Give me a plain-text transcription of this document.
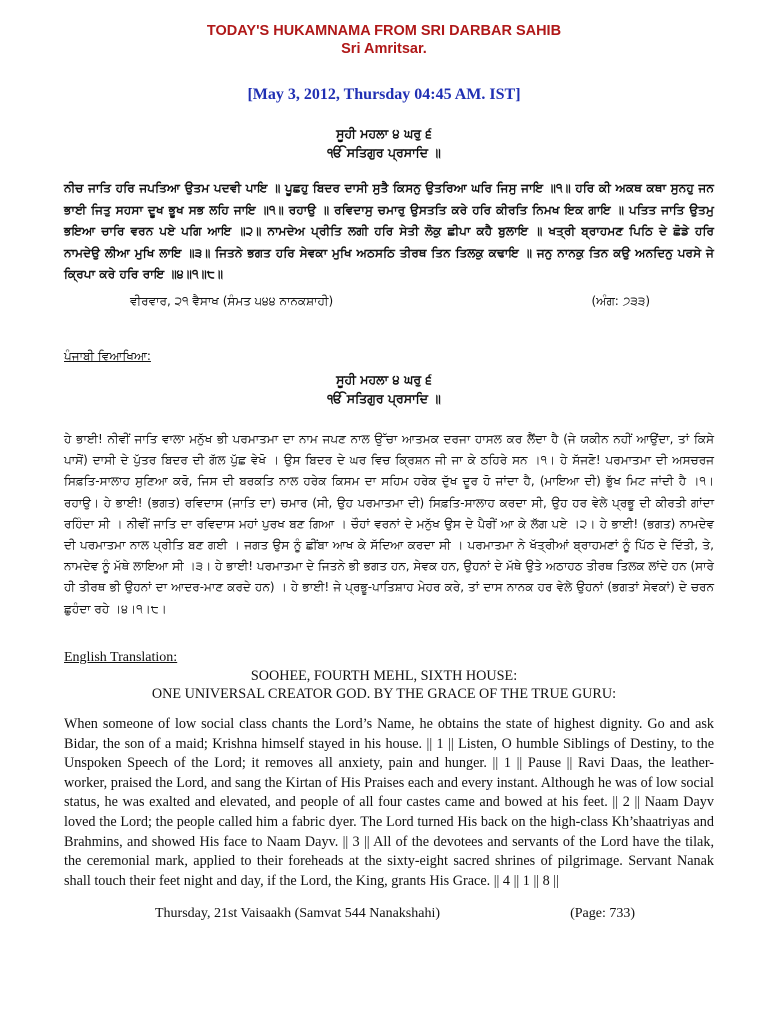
TODAY'S HUKAMNAMA FROM SRI DARBAR SAHIB
Sri Amritsar.
[May 3, 2012, Thursday 04:45 AM. IST]
ਸੂਹੀ ਮਹਲਾ ੪ ਘਰੁ ੬
ੴ ਸਤਿਗੁਰ ਪ੍ਰਸਾਦਿ ॥
ਨੀਚ ਜਾਤਿ ਹਰਿ ਜਪਤਿਆ ਉਤਮ ਪਦਵੀ ਪਾਇ ॥ ਪੂਛਹੁ ਬਿਦਰ ਦਾਸੀ ਸੁਤੈ ਕਿਸਨੁ ਉਤਰਿਆ ਘਰਿ ਜਿਸੁ ਜਾਇ ॥੧॥ ਹਰਿ ਕੀ ਅਕਥ ਕਥਾ ਸੁਨਹੁ ਜਨ ਭਾਈ ਜਿਤੁ ਸਹਸਾ ਦੂਖ ਭੂਖ ਸਭ ਲਹਿ ਜਾਇ ॥੧॥ ਰਹਾਉ ॥ ਰਵਿਦਾਸੁ ਚਮਾਰੁ ਉਸਤਤਿ ਕਰੇ ਹਰਿ ਕੀਰਤਿ ਨਿਮਖ ਇਕ ਗਾਇ ॥ ਪਤਿਤ ਜਾਤਿ ਉਤਮੁ ਭਇਆ ਚਾਰਿ ਵਰਨ ਪਏ ਪਗਿ ਆਇ ॥੨॥ ਨਾਮਦੇਅ ਪ੍ਰੀਤਿ ਲਗੀ ਹਰਿ ਸੇਤੀ ਲੋਕੁ ਛੀਪਾ ਕਹੈ ਬੁਲਾਇ ॥ ਖਤ੍ਰੀ ਬ੍ਰਾਹਮਣ ਪਿਠਿ ਦੇ ਛੋਡੇ ਹਰਿ ਨਾਮਦੇਉ ਲੀਆ ਮੁਖਿ ਲਾਇ ॥੩॥ ਜਿਤਨੇ ਭਗਤ ਹਰਿ ਸੇਵਕਾ ਮੁਖਿ ਅਠਸਠਿ ਤੀਰਥ ਤਿਨ ਤਿਲਕੁ ਕਢਾਇ ॥ ਜਨੁ ਨਾਨਕੁ ਤਿਨ ਕਉ ਅਨਦਿਨੁ ਪਰਸੇ ਜੇ ਕ੍ਰਿਪਾ ਕਰੇ ਹਰਿ ਰਾਇ ॥੪॥੧॥੮॥
ਵੀਰਵਾਰ, ੨੧ ਵੈਸਾਖ (ਸੰਮਤ ੫੪੪ ਨਾਨਕਸ਼ਾਹੀ)	(ਅੰਗ: ੭੩੩)
ਪੰਜਾਬੀ ਵਿਆਖਿਆ:
ਸੂਹੀ ਮਹਲਾ ੪ ਘਰੁ ੬
ੴ ਸਤਿਗੁਰ ਪ੍ਰਸਾਦਿ ॥
ਹੇ ਭਾਈ! ਨੀਵੀਂ ਜਾਤਿ ਵਾਲਾ ਮਨੁੱਖ ਭੀ ਪਰਮਾਤਮਾ ਦਾ ਨਾਮ ਜਪਣ ਨਾਲ ਉੱਚਾ ਆਤਮਕ ਦਰਜਾ ਹਾਸਲ ਕਰ ਲੈਂਦਾ ਹੈ (ਜੇ ਯਕੀਨ ਨਹੀਂ ਆਉਂਦਾ, ਤਾਂ ਕਿਸੇ ਪਾਸੋਂ) ਦਾਸੀ ਦੇ ਪੁੱਤਰ ਬਿਦਰ ਦੀ ਗੱਲ ਪੁੱਛ ਵੇਖੋ । ਉਸ ਬਿਦਰ ਦੇ ਘਰ ਵਿਚ ਕ੍ਰਿਸ਼ਨ ਜੀ ਜਾ ਕੇ ਠਹਿਰੇ ਸਨ ।੧। ਹੇ ਸੱਜਣੋ! ਪਰਮਾਤਮਾ ਦੀ ਅਸਚਰਜ ਸਿਫ਼ਤਿ-ਸਾਲਾਹ ਸੁਣਿਆ ਕਰੋ, ਜਿਸ ਦੀ ਬਰਕਤਿ ਨਾਲ ਹਰੇਕ ਕਿਸਮ ਦਾ ਸਹਿਮ ਹਰੇਕ ਦੁੱਖ ਦੂਰ ਹੋ ਜਾਂਦਾ ਹੈ, (ਮਾਇਆ ਦੀ) ਭੁੱਖ ਮਿਟ ਜਾਂਦੀ ਹੈ ।੧।ਰਹਾਉ। ਹੇ ਭਾਈ! (ਭਗਤ) ਰਵਿਦਾਸ (ਜਾਤਿ ਦਾ) ਚਮਾਰ (ਸੀ, ਉਹ ਪਰਮਾਤਮਾ ਦੀ) ਸਿਫ਼ਤਿ-ਸਾਲਾਹ ਕਰਦਾ ਸੀ, ਉਹ ਹਰ ਵੇਲੇ ਪ੍ਰਭੂ ਦੀ ਕੀਰਤੀ ਗਾਂਦਾ ਰਹਿੰਦਾ ਸੀ । ਨੀਵੀਂ ਜਾਤਿ ਦਾ ਰਵਿਦਾਸ ਮਹਾਂ ਪੁਰਖ ਬਣ ਗਿਆ । ਚੌਹਾਂ ਵਰਨਾਂ ਦੇ ਮਨੁੱਖ ਉਸ ਦੇ ਪੈਰੀਂ ਆ ਕੇ ਲੱਗ ਪਏ ।੨। ਹੇ ਭਾਈ! (ਭਗਤ) ਨਾਮਦੇਵ ਦੀ ਪਰਮਾਤਮਾ ਨਾਲ ਪ੍ਰੀਤਿ ਬਣ ਗਈ । ਜਗਤ ਉਸ ਨੂੰ ਛੀਂਬਾ ਆਖ ਕੇ ਸੱਦਿਆ ਕਰਦਾ ਸੀ । ਪਰਮਾਤਮਾ ਨੇ ਖੱਤ੍ਰੀਆਂ ਬ੍ਰਾਹਮਣਾਂ ਨੂੰ ਪਿੱਠ ਦੇ ਦਿੱਤੀ, ਤੇ, ਨਾਮਦੇਵ ਨੂੰ ਮੱਥੇ ਲਾਇਆ ਸੀ ।੩। ਹੇ ਭਾਈ! ਪਰਮਾਤਮਾ ਦੇ ਜਿਤਨੇ ਭੀ ਭਗਤ ਹਨ, ਸੇਵਕ ਹਨ, ਉਹਨਾਂ ਦੇ ਮੱਥੇ ਉਤੇ ਅਠਾਹਠ ਤੀਰਥ ਤਿਲਕ ਲਾਂਦੇ ਹਨ (ਸਾਰੇ ਹੀ ਤੀਰਥ ਭੀ ਉਹਨਾਂ ਦਾ ਆਦਰ-ਮਾਣ ਕਰਦੇ ਹਨ) । ਹੇ ਭਾਈ! ਜੇ ਪ੍ਰਭੂ-ਪਾਤਿਸ਼ਾਹ ਮੇਹਰ ਕਰੇ, ਤਾਂ ਦਾਸ ਨਾਨਕ ਹਰ ਵੇਲੇ ਉਹਨਾਂ (ਭਗਤਾਂ ਸੇਵਕਾਂ) ਦੇ ਚਰਨ ਛੁਹੰਦਾ ਰਹੇ ।੪।੧।੮।
English Translation:
SOOHEE, FOURTH MEHL, SIXTH HOUSE:
ONE UNIVERSAL CREATOR GOD. BY THE GRACE OF THE TRUE GURU:
When someone of low social class chants the Lord’s Name, he obtains the state of highest dignity. Go and ask Bidar, the son of a maid; Krishna himself stayed in his house. || 1 || Listen, O humble Siblings of Destiny, to the Unspoken Speech of the Lord; it removes all anxiety, pain and hunger. || 1 || Pause || Ravi Daas, the leather-worker, praised the Lord, and sang the Kirtan of His Praises each and every instant. Although he was of low social status, he was exalted and elevated, and people of all four castes came and bowed at his feet. || 2 || Naam Dayv loved the Lord; the people called him a fabric dyer. The Lord turned His back on the high-class Kh’shaatriyas and Brahmins, and showed His face to Naam Dayv. || 3 || All of the devotees and servants of the Lord have the tilak, the ceremonial mark, applied to their foreheads at the sixty-eight sacred shrines of pilgrimage. Servant Nanak shall touch their feet night and day, if the Lord, the King, grants His Grace. || 4 || 1 || 8 ||
Thursday, 21st Vaisaakh (Samvat 544 Nanakshahi)	(Page: 733)
